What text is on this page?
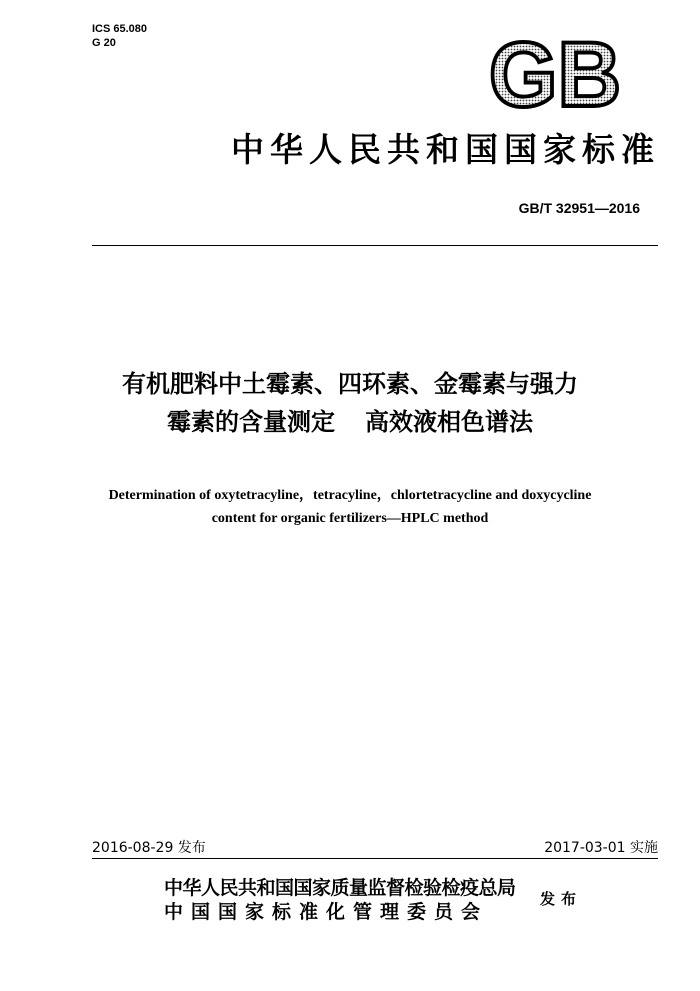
ICS 65.080
G 20	GB
中华人民共和国国家标准
GB/T 32951—2016
有机肥料中土霉素、四环素、金霉素与强力
霉素的含量测定 高效液相色谱法
Determination of oxytetracyline，tetracyline，chlortetracycline and doxycycline
content for organic fertilizers—HPLC method
2016-08-29 发布	2017-03-01 实施
中华人民共和国国家质量监督检验检疫总局
中国国家标准化管理委员会
发布
